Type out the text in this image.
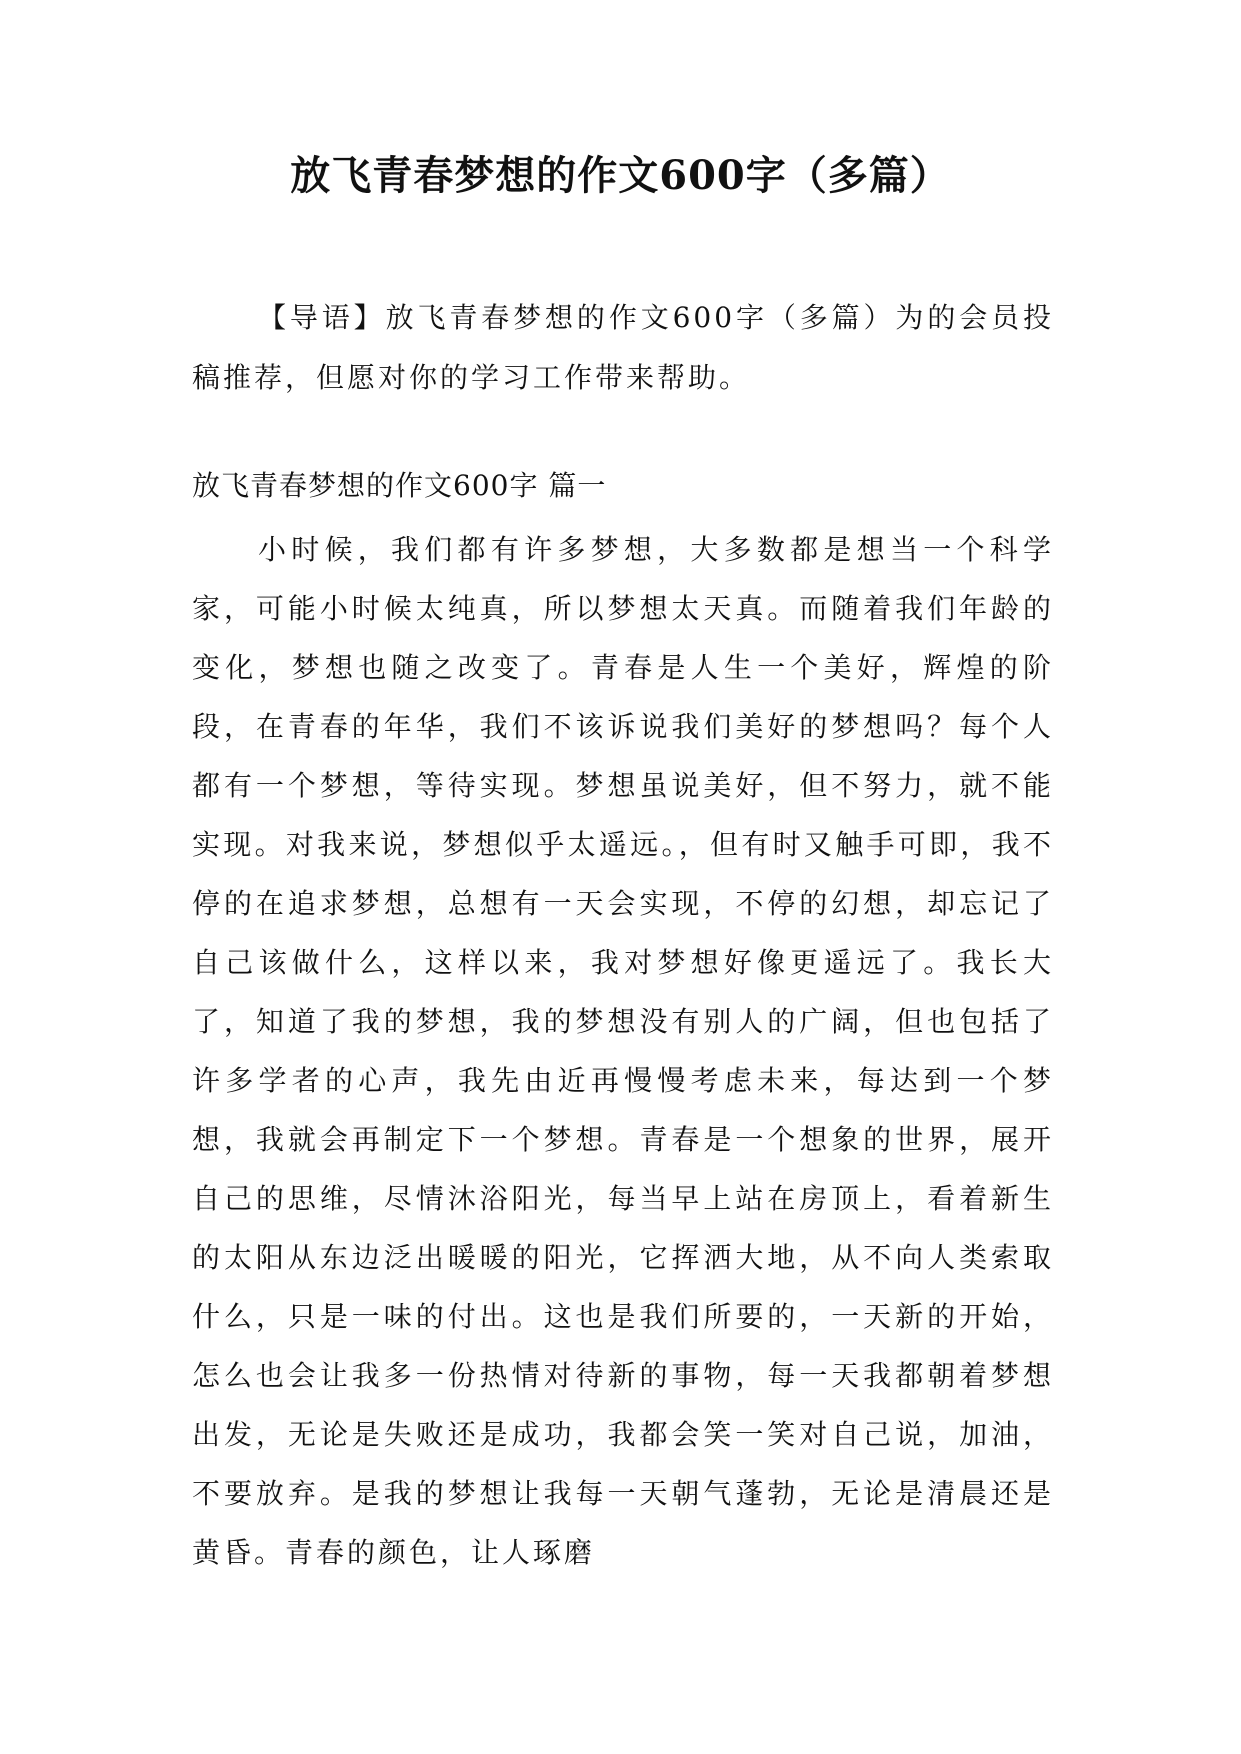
放飞青春梦想的作文600字（多篇）

【导语】放飞青春梦想的作文600字（多篇）为的会员投稿推荐，但愿对你的学习工作带来帮助。

放飞青春梦想的作文600字 篇一

小时候，我们都有许多梦想，大多数都是想当一个科学家，可能小时候太纯真，所以梦想太天真。而随着我们年龄的变化，梦想也随之改变了。青春是人生一个美好，辉煌的阶段，在青春的年华，我们不该诉说我们美好的梦想吗？每个人都有一个梦想，等待实现。梦想虽说美好，但不努力，就不能实现。对我来说，梦想似乎太遥远。，但有时又触手可即，我不停的在追求梦想，总想有一天会实现，不停的幻想，却忘记了自己该做什么，这样以来，我对梦想好像更遥远了。我长大了，知道了我的梦想，我的梦想没有别人的广阔，但也包括了许多学者的心声，我先由近再慢慢考虑未来，每达到一个梦想，我就会再制定下一个梦想。青春是一个想象的世界，展开自己的思维，尽情沐浴阳光，每当早上站在房顶上，看着新生的太阳从东边泛出暖暖的阳光，它挥洒大地，从不向人类索取什么，只是一味的付出。这也是我们所要的，一天新的开始，怎么也会让我多一份热情对待新的事物，每一天我都朝着梦想出发，无论是失败还是成功，我都会笑一笑对自己说，加油，不要放弃。是我的梦想让我每一天朝气蓬勃，无论是清晨还是黄昏。青春的颜色，让人琢磨
